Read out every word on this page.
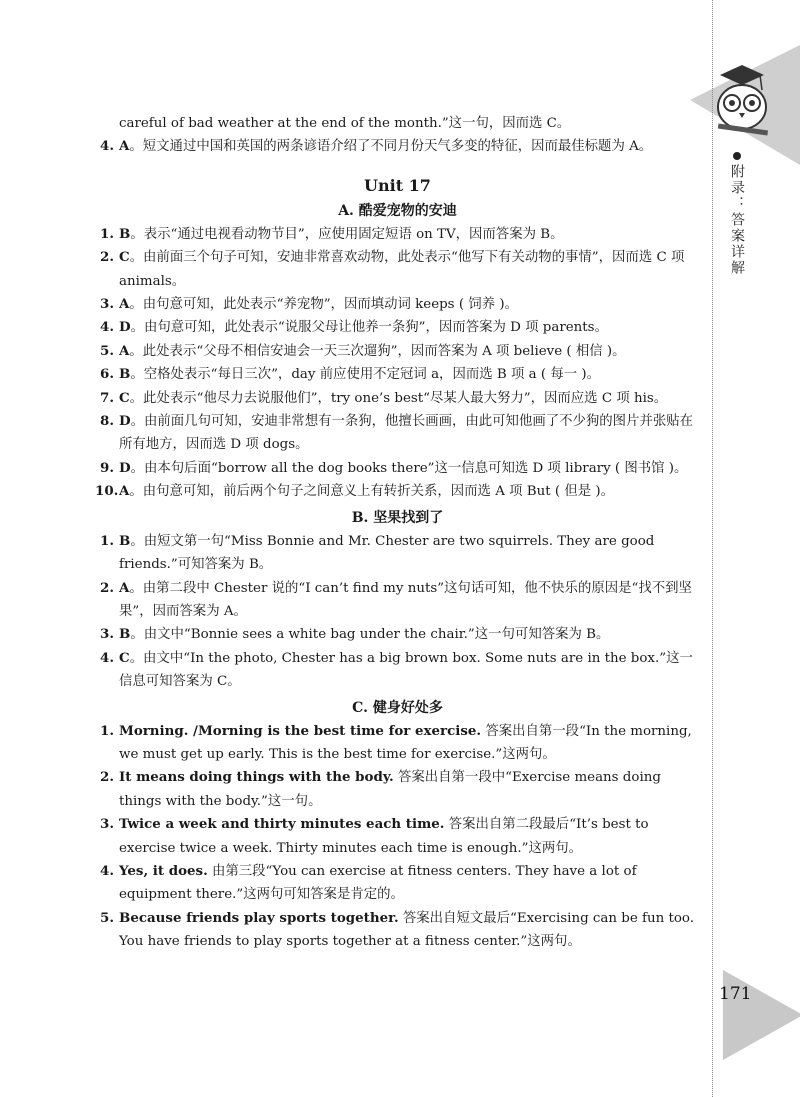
附录：答案详解
171
careful of bad weather at the end of the month.”这一句，因而选 C。
4. A。短文通过中国和英国的两条谚语介绍了不同月份天气多变的特征，因而最佳标题为 A。
Unit 17
A. 酷爱宠物的安迪
1. B。表示“通过电视看动物节目”，应使用固定短语 on TV，因而答案为 B。
2. C。由前面三个句子可知，安迪非常喜欢动物，此处表示“他写下有关动物的事情”，因而选 C 项 animals。
3. A。由句意可知，此处表示“养宠物”，因而填动词 keeps ( 饲养 )。
4. D。由句意可知，此处表示“说服父母让他养一条狗”，因而答案为 D 项 parents。
5. A。此处表示“父母不相信安迪会一天三次遛狗”，因而答案为 A 项 believe ( 相信 )。
6. B。空格处表示“每日三次”，day 前应使用不定冠词 a，因而选 B 项 a ( 每一 )。
7. C。此处表示“他尽力去说服他们”，try one’s best“尽某人最大努力”，因而应选 C 项 his。
8. D。由前面几句可知，安迪非常想有一条狗，他擅长画画，由此可知他画了不少狗的图片并张贴在所有地方，因而选 D 项 dogs。
9. D。由本句后面“borrow all the dog books there”这一信息可知选 D 项 library ( 图书馆 )。
10. A。由句意可知，前后两个句子之间意义上有转折关系，因而选 A 项 But ( 但是 )。
B. 坚果找到了
1. B。由短文第一句“Miss Bonnie and Mr. Chester are two squirrels. They are good friends.”可知答案为 B。
2. A。由第二段中 Chester 说的“I can’t find my nuts”这句话可知，他不快乐的原因是“找不到坚果”，因而答案为 A。
3. B。由文中“Bonnie sees a white bag under the chair.”这一句可知答案为 B。
4. C。由文中“In the photo, Chester has a big brown box. Some nuts are in the box.”这一信息可知答案为 C。
C. 健身好处多
1. Morning. /Morning is the best time for exercise. 答案出自第一段“In the morning, we must get up early. This is the best time for exercise.”这两句。
2. It means doing things with the body. 答案出自第一段中“Exercise means doing things with the body.”这一句。
3. Twice a week and thirty minutes each time. 答案出自第二段最后“It’s best to exercise twice a week. Thirty minutes each time is enough.”这两句。
4. Yes, it does. 由第三段“You can exercise at fitness centers. They have a lot of equipment there.”这两句可知答案是肯定的。
5. Because friends play sports together. 答案出自短文最后“Exercising can be fun too. You have friends to play sports together at a fitness center.”这两句。
